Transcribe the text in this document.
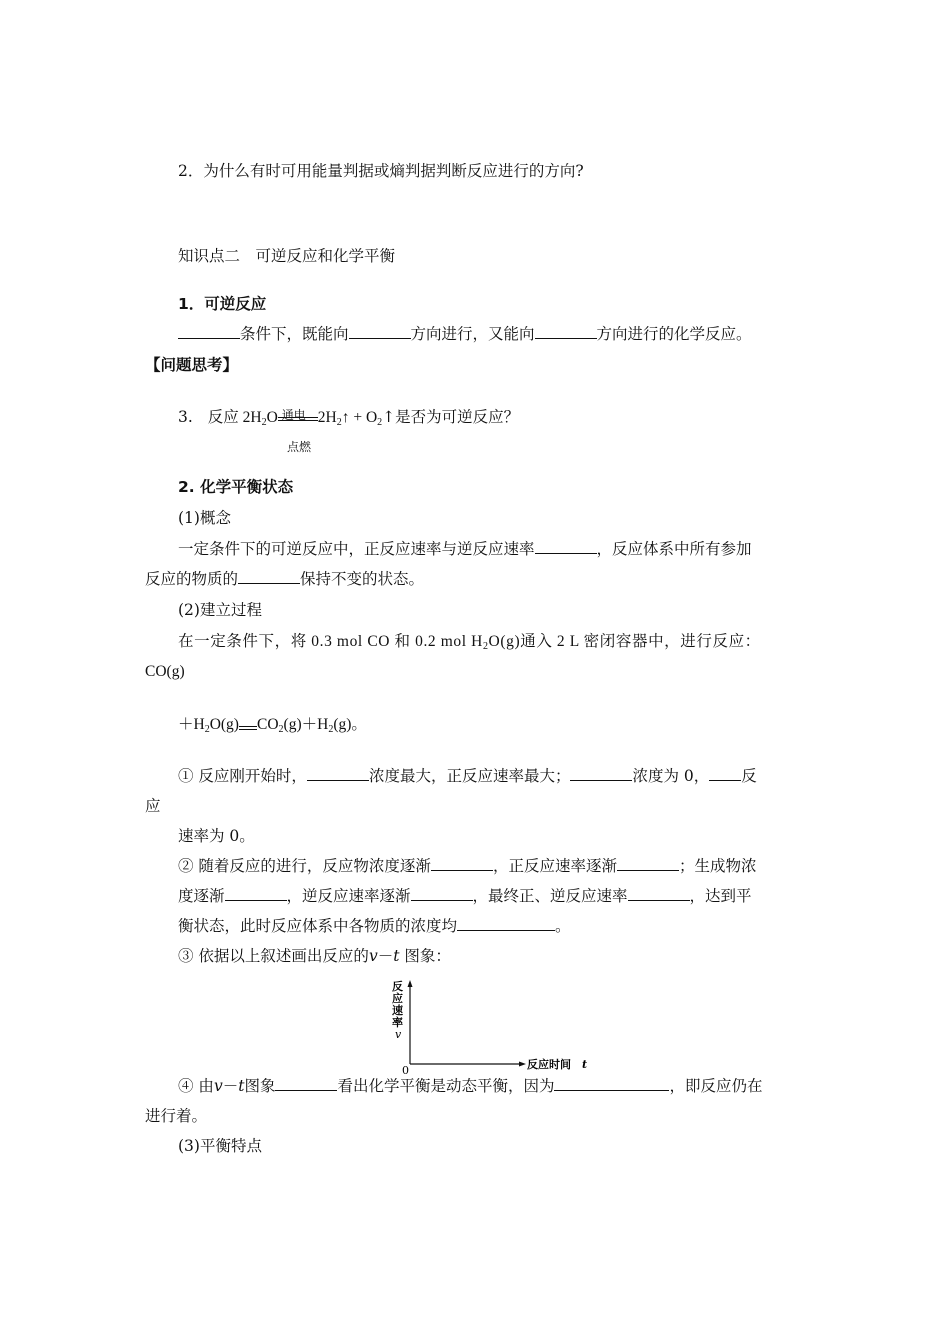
2．为什么有时可用能量判据或熵判据判断反应进行的方向?
知识点二　可逆反应和化学平衡
1．可逆反应
条件下，既能向	方向进行，又能向	方向进行的化学反应。
【问题思考】
3. 反应 $2H_2O$ 通电 $2H_2↑$ + $O_2↑$是否为可逆反应？
点燃
2. 化学平衡状态
(1)概念
一定条件下的可逆反应中，正反应速率与逆反应速率	，反应体系中所有参加
反应的物质的	保持不变的状态。
(2)建立过程
在一定条件下，将 0.3 mol CO 和 0.2 mol $H_2O(g)$通入 2 L 密闭容器中，进行反应：
CO(g)
$+H_2O(g)$ $CO_2(g)+H_2(g)$。
① 反应刚开始时，	浓度最大，正反应速率最大；	浓度为 0， 反
应
速率为 0。
② 随着反应的进行，反应物浓度逐渐	，正反应速率逐渐	；生成物浓
度逐渐	，逆反应速率逐渐	，最终正、逆反应速率	，达到平
衡状态，此时反应体系中各物质的浓度均	。
③ 依据以上叙述画出反应的v－t 图象：
反
应
速
率
v
0	反应时间 t
④ 由v－t图象	看出化学平衡是动态平衡，因为	，即反应仍在
进行着。
(3)平衡特点
